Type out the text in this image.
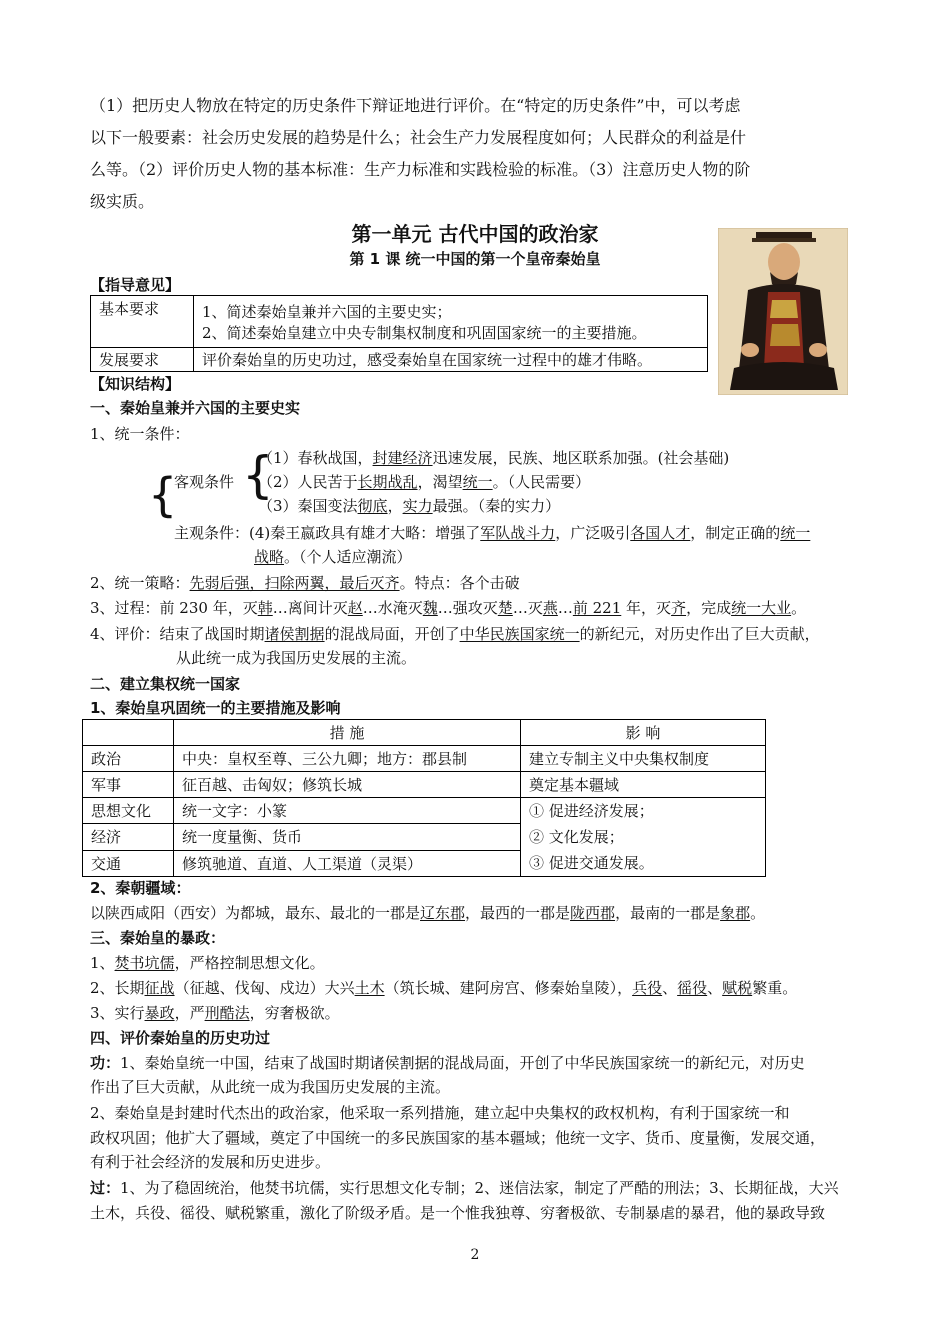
（1）把历史人物放在特定的历史条件下辩证地进行评价。在“特定的历史条件”中，可以考虑
以下一般要素：社会历史发展的趋势是什么；社会生产力发展程度如何；人民群众的利益是什
么等。（2）评价历史人物的基本标准：生产力标准和实践检验的标准。（3）注意历史人物的阶
级实质。
第一单元 古代中国的政治家
第 1 课 统一中国的第一个皇帝秦始皇
【指导意见】
基本要求	1、简述秦始皇兼并六国的主要史实；
2、简述秦始皇建立中央专制集权制度和巩固国家统一的主要措施。

发展要求	评价秦始皇的历史功过，感受秦始皇在国家统一过程中的雄才伟略。
【知识结构】
一、秦始皇兼并六国的主要史实
1、统一条件：
{
客观条件 {
（1）春秋战国，封建经济迅速发展，民族、地区联系加强。(社会基础)
（2）人民苦于长期战乱，渴望统一。（人民需要）
（3）秦国变法彻底，实力最强。（秦的实力）
主观条件：(4)秦王嬴政具有雄才大略：增强了军队战斗力，广泛吸引各国人才，制定正确的统一
战略。（个人适应潮流）
2、统一策略：先弱后强，扫除两翼，最后灭齐。特点：各个击破
3、过程：前 230 年，灭韩…离间计灭赵…水淹灭魏…强攻灭楚…灭燕…前 221 年，灭齐，完成统一大业。
4、评价：结束了战国时期诸侯割据的混战局面，开创了中华民族国家统一的新纪元，对历史作出了巨大贡献，
从此统一成为我国历史发展的主流。
二、建立集权统一国家
1、秦始皇巩固统一的主要措施及影响
	措 施	影 响
政治	中央：皇权至尊、三公九卿；地方：郡县制	建立专制主义中央集权制度
军事	征百越、击匈奴；修筑长城	奠定基本疆域
思想文化	统一文字：小篆	① 促进经济发展；
② 文化发展；
③ 促进交通发展。

经济	统一度量衡、货币	
交通	修筑驰道、直道、人工渠道（灵渠）	
2、秦朝疆域：
以陕西咸阳（西安）为都城，最东、最北的一郡是辽东郡，最西的一郡是陇西郡，最南的一郡是象郡。
三、秦始皇的暴政：
1、焚书坑儒，严格控制思想文化。
2、长期征战（征越、伐匈、戍边）大兴土木（筑长城、建阿房宫、修秦始皇陵），兵役、徭役、赋税繁重。
3、实行暴政，严刑酷法，穷奢极欲。
四、评价秦始皇的历史功过
功：1、秦始皇统一中国，结束了战国时期诸侯割据的混战局面，开创了中华民族国家统一的新纪元，对历史
作出了巨大贡献，从此统一成为我国历史发展的主流。
2、秦始皇是封建时代杰出的政治家，他采取一系列措施，建立起中央集权的政权机构，有利于国家统一和
政权巩固；他扩大了疆域，奠定了中国统一的多民族国家的基本疆域；他统一文字、货币、度量衡，发展交通，
有利于社会经济的发展和历史进步。
过：1、为了稳固统治，他焚书坑儒，实行思想文化专制；2、迷信法家，制定了严酷的刑法；3、长期征战，大兴
土木，兵役、徭役、赋税繁重，激化了阶级矛盾。是一个惟我独尊、穷奢极欲、专制暴虐的暴君，他的暴政导致
2
